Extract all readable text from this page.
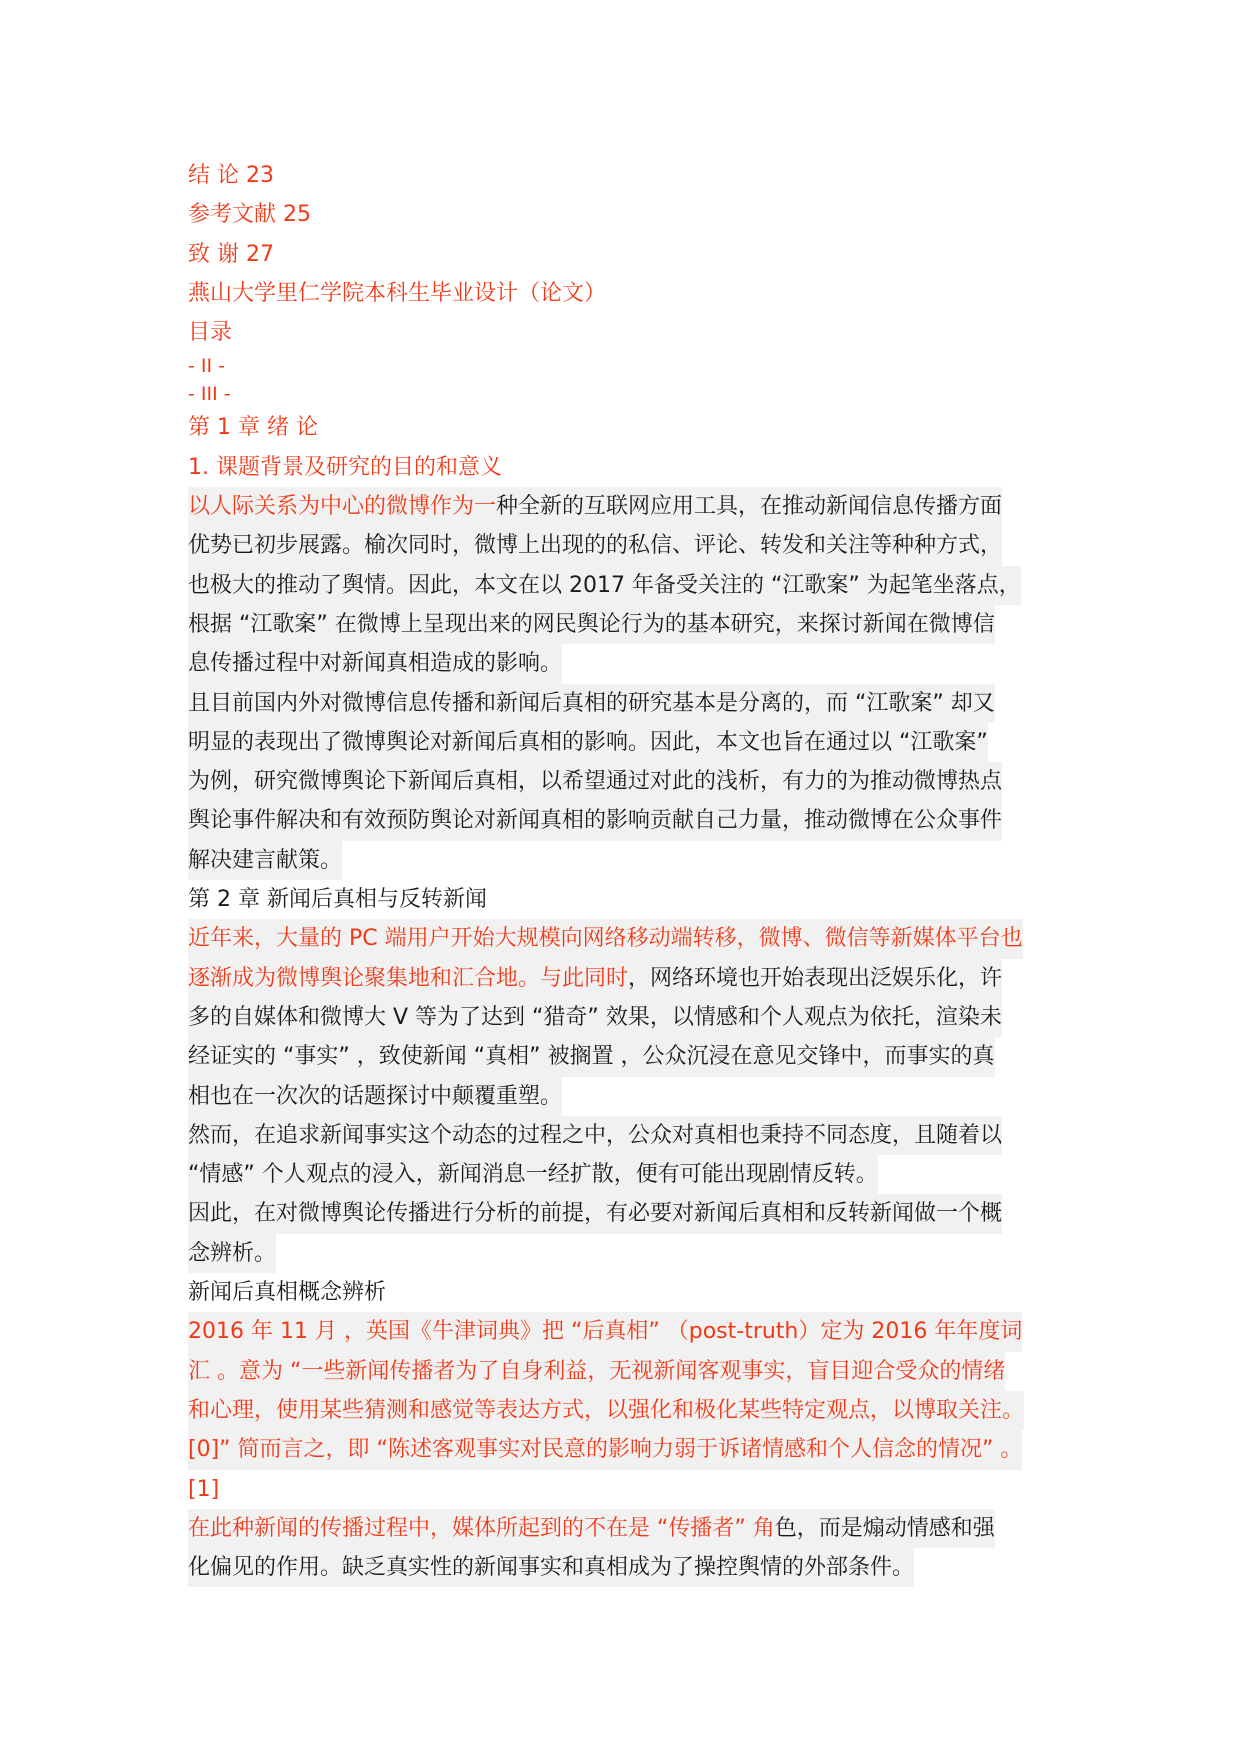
结 论 23
参考文献 25
致 谢 27
燕山大学里仁学院本科生毕业设计（论文）
目录
- II -
- III -
第 1 章 绪 论
1. 课题背景及研究的目的和意义
以人际关系为中心的微博作为一种全新的互联网应用工具，在推动新闻信息传播方面
优势已初步展露。榆次同时，微博上出现的的私信、评论、转发和关注等种种方式，
也极大的推动了舆情。因此，本文在以 2017 年备受关注的 “江歌案” 为起笔坐落点，
根据 “江歌案” 在微博上呈现出来的网民舆论行为的基本研究，来探讨新闻在微博信
息传播过程中对新闻真相造成的影响。
且目前国内外对微博信息传播和新闻后真相的研究基本是分离的，而 “江歌案” 却又
明显的表现出了微博舆论对新闻后真相的影响。因此，本文也旨在通过以 “江歌案”
为例，研究微博舆论下新闻后真相，以希望通过对此的浅析，有力的为推动微博热点
舆论事件解决和有效预防舆论对新闻真相的影响贡献自己力量，推动微博在公众事件
解决建言献策。
第 2 章 新闻后真相与反转新闻
近年来，大量的 PC 端用户开始大规模向网络移动端转移，微博、微信等新媒体平台也
逐渐成为微博舆论聚集地和汇合地。与此同时，网络环境也开始表现出泛娱乐化，许
多的自媒体和微博大 V 等为了达到 “猎奇” 效果，以情感和个人观点为依托，渲染未
经证实的 “事实” ，致使新闻 “真相” 被搁置 ，公众沉浸在意见交锋中，而事实的真
相也在一次次的话题探讨中颠覆重塑。
然而，在追求新闻事实这个动态的过程之中，公众对真相也秉持不同态度，且随着以
“情感” 个人观点的浸入，新闻消息一经扩散，便有可能出现剧情反转。
因此，在对微博舆论传播进行分析的前提，有必要对新闻后真相和反转新闻做一个概
念辨析。
新闻后真相概念辨析
2016 年 11 月 ，英国《牛津词典》把 “后真相” （post-truth）定为 2016 年年度词
汇 。意为 “一些新闻传播者为了自身利益，无视新闻客观事实，盲目迎合受众的情绪
和心理，使用某些猜测和感觉等表达方式，以强化和极化某些特定观点，以博取关注。
[0]” 简而言之，即 “陈述客观事实对民意的影响力弱于诉诸情感和个人信念的情况” 。
[1]
在此种新闻的传播过程中，媒体所起到的不在是 “传播者” 角色，而是煽动情感和强
化偏见的作用。缺乏真实性的新闻事实和真相成为了操控舆情的外部条件。
